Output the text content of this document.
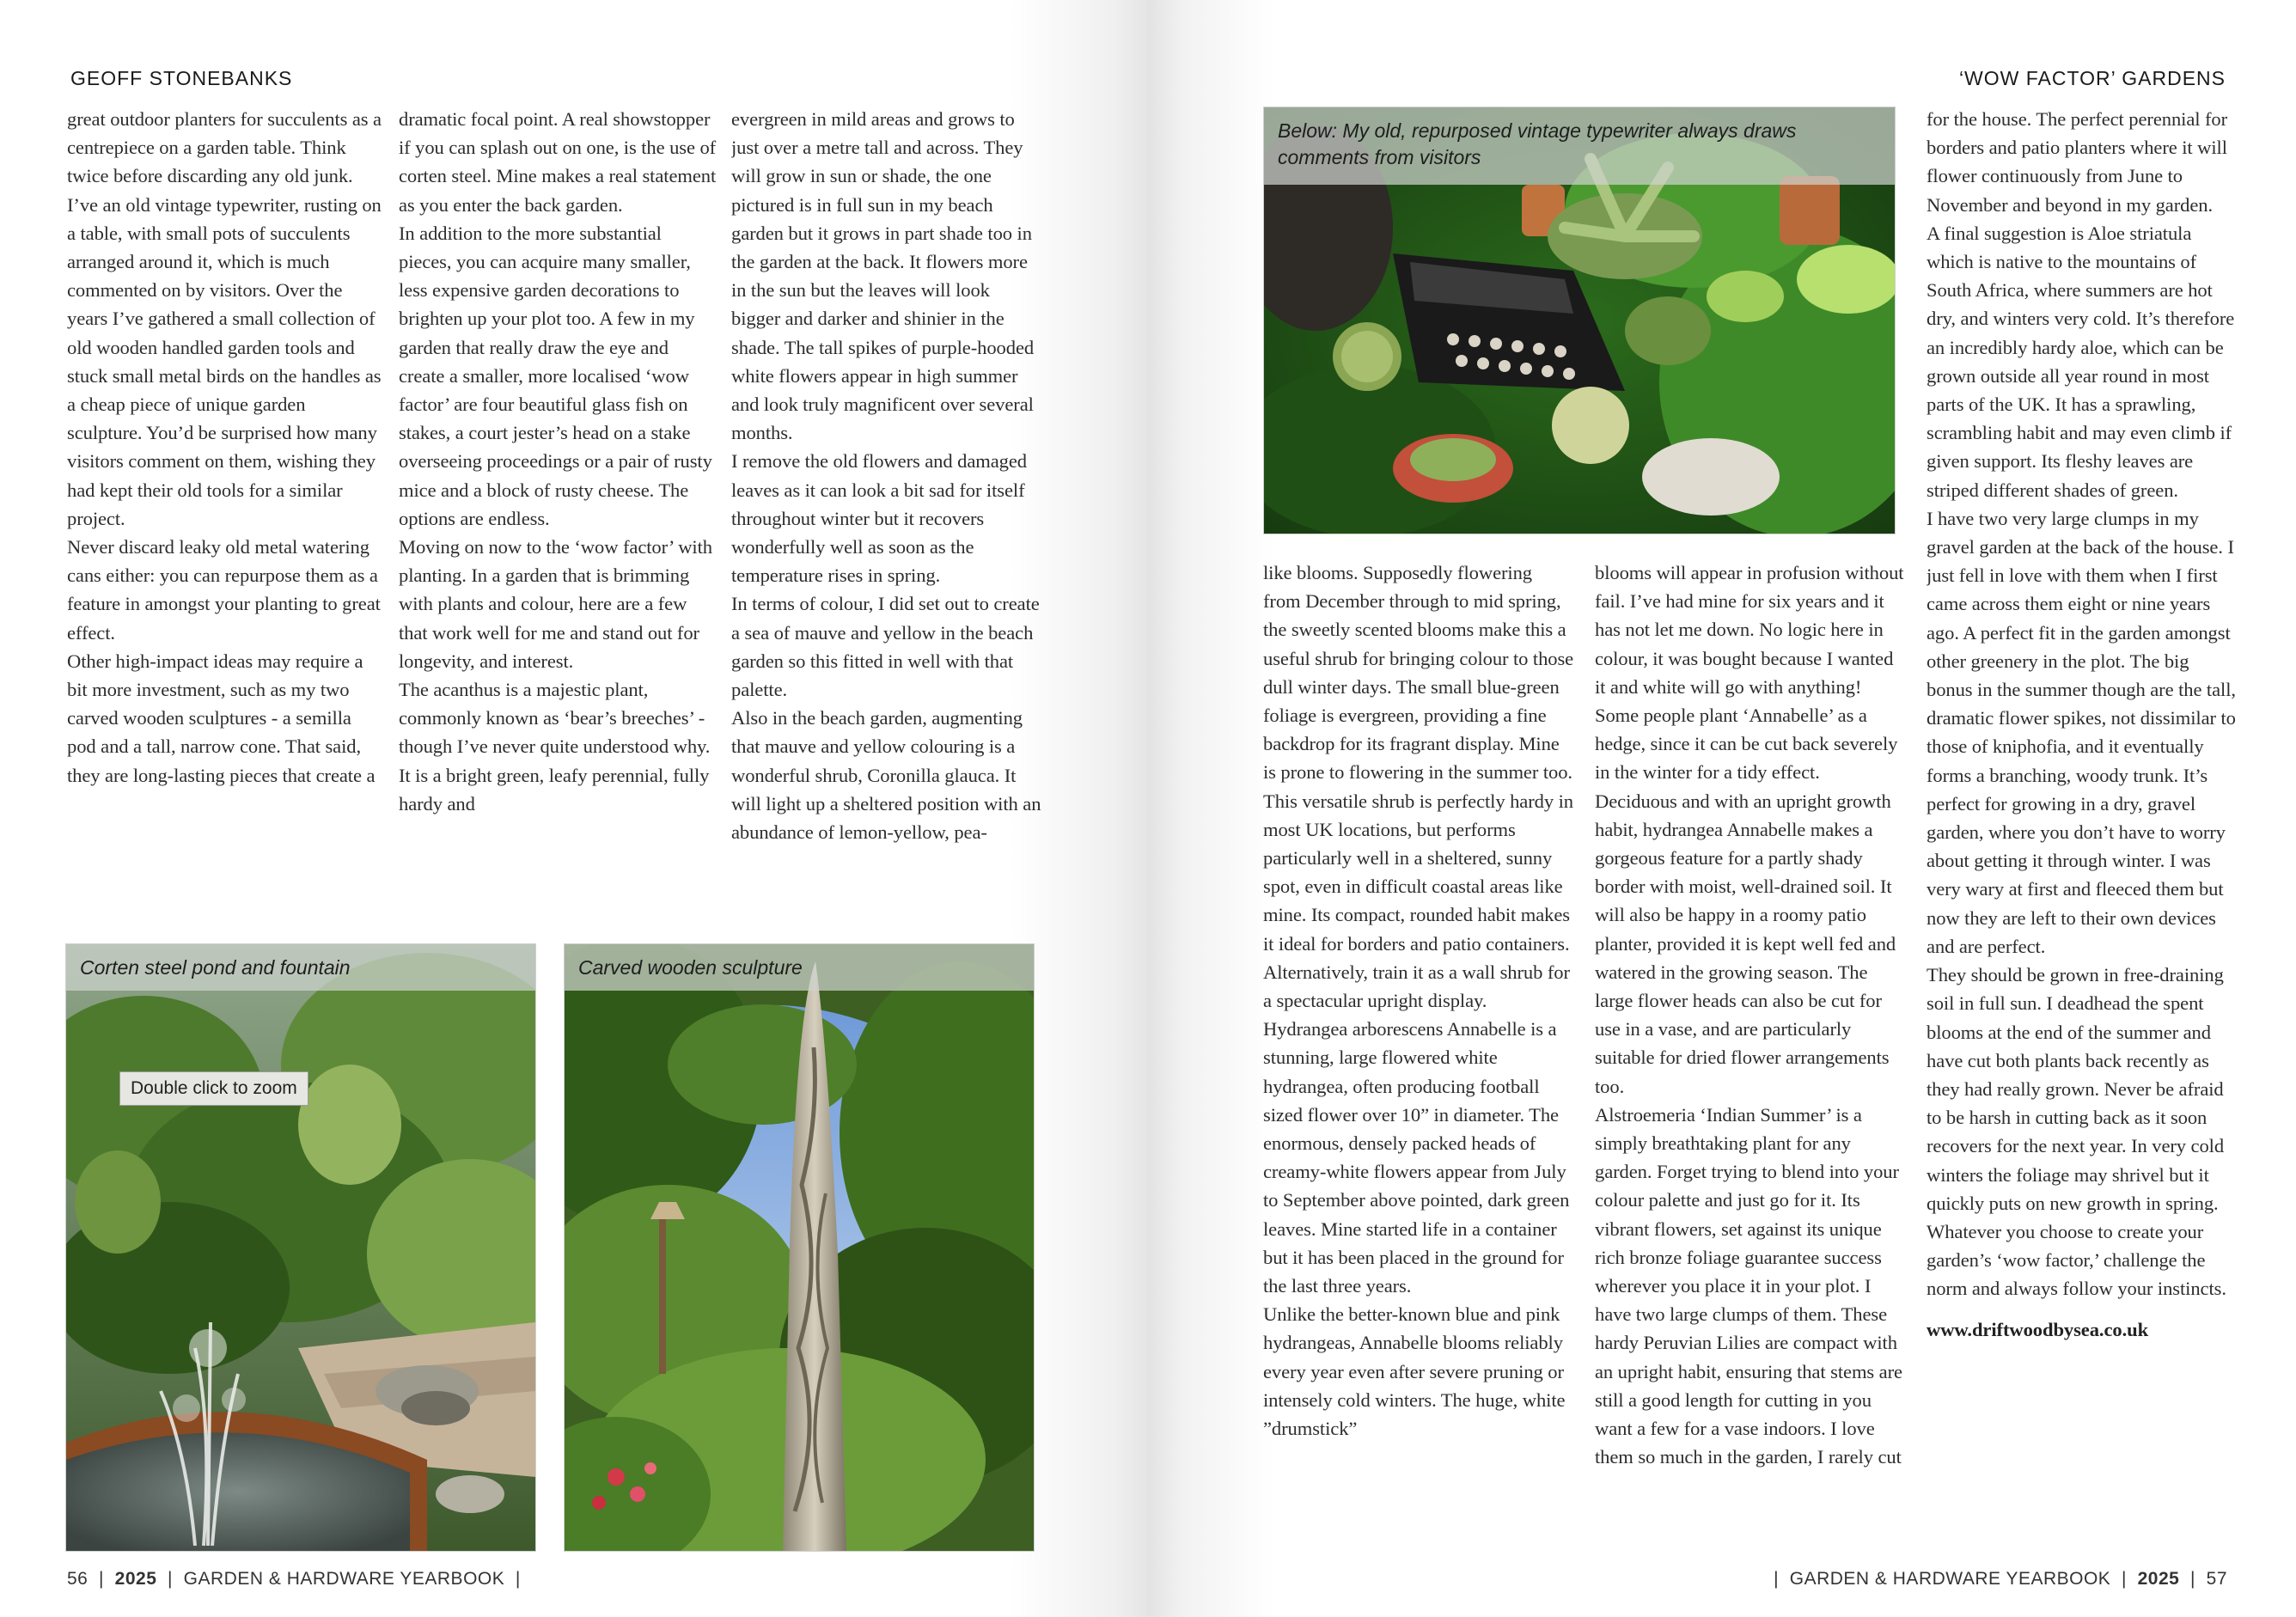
GEOFF STONEBANKS

great outdoor planters for succulents as a centrepiece on a garden table. Think twice before discarding any old junk. I’ve an old vintage typewriter, rusting on a table, with small pots of succulents arranged around it, which is much commented on by visitors. Over the years I’ve gathered a small collection of old wooden handled garden tools and stuck small metal birds on the handles as a cheap piece of unique garden sculpture. You’d be surprised how many visitors comment on them, wishing they had kept their old tools for a similar project.

Never discard leaky old metal watering cans either: you can repurpose them as a feature in amongst your planting to great effect.

Other high-impact ideas may require a bit more investment, such as my two carved wooden sculptures - a semilla pod and a tall, narrow cone. That said, they are long-lasting pieces that create a

dramatic focal point. A real showstopper if you can splash out on one, is the use of corten steel. Mine makes a real statement as you enter the back garden.

In addition to the more substantial pieces, you can acquire many smaller, less expensive garden decorations to brighten up your plot too. A few in my garden that really draw the eye and create a smaller, more localised ‘wow factor’ are four beautiful glass fish on stakes, a court jester’s head on a stake overseeing proceedings or a pair of rusty mice and a block of rusty cheese. The options are endless.

Moving on now to the ‘wow factor’ with planting. In a garden that is brimming with plants and colour, here are a few that work well for me and stand out for longevity, and interest.

The acanthus is a majestic plant, commonly known as ‘bear’s breeches’ - though I’ve never quite understood why. It is a bright green, leafy perennial, fully hardy and

evergreen in mild areas and grows to just over a metre tall and across. They will grow in sun or shade, the one pictured is in full sun in my beach garden but it grows in part shade too in the garden at the back. It flowers more in the sun but the leaves will look bigger and darker and shinier in the shade. The tall spikes of purple-hooded white flowers appear in high summer and look truly magnificent over several months.

I remove the old flowers and damaged leaves as it can look a bit sad for itself throughout winter but it recovers wonderfully well as soon as the temperature rises in spring.

In terms of colour, I did set out to create a sea of mauve and yellow in the beach garden so this fitted in well with that palette.

Also in the beach garden, augmenting that mauve and yellow colouring is a wonderful shrub, Coronilla glauca. It will light up a sheltered position with an abundance of lemon-yellow, pea-

Corten steel pond and fountain
Double click to zoom
Carved wooden sculpture
56  |  2025  |  GARDEN & HARDWARE YEARBOOK  |
‘WOW FACTOR’ GARDENS
Below: My old, repurposed vintage typewriter always draws comments from visitors

like blooms. Supposedly flowering from December through to mid spring, the sweetly scented blooms make this a useful shrub for bringing colour to those dull winter days. The small blue-green foliage is evergreen, providing a fine backdrop for its fragrant display. Mine is prone to flowering in the summer too. This versatile shrub is perfectly hardy in most UK locations, but performs particularly well in a sheltered, sunny spot, even in difficult coastal areas like mine. Its compact, rounded habit makes it ideal for borders and patio containers. Alternatively, train it as a wall shrub for a spectacular upright display.

Hydrangea arborescens Annabelle is a stunning, large flowered white hydrangea, often producing football sized flower over 10” in diameter. The enormous, densely packed heads of creamy-white flowers appear from July to September above pointed, dark green leaves. Mine started life in a container but it has been placed in the ground for the last three years.

Unlike the better-known blue and pink hydrangeas, Annabelle blooms reliably every year even after severe pruning or intensely cold winters. The huge, white ”drumstick”

blooms will appear in profusion without fail. I’ve had mine for six years and it has not let me down. No logic here in colour, it was bought because I wanted it and white will go with anything!

Some people plant ‘Annabelle’ as a hedge, since it can be cut back severely in the winter for a tidy effect. Deciduous and with an upright growth habit, hydrangea Annabelle makes a gorgeous feature for a partly shady border with moist, well-drained soil. It will also be happy in a roomy patio planter, provided it is kept well fed and watered in the growing season. The large flower heads can also be cut for use in a vase, and are particularly suitable for dried flower arrangements too.

Alstroemeria ‘Indian Summer’ is a simply breathtaking plant for any garden. Forget trying to blend into your colour palette and just go for it. Its vibrant flowers, set against its unique rich bronze foliage guarantee success wherever you place it in your plot. I have two large clumps of them. These hardy Peruvian Lilies are compact with an upright habit, ensuring that stems are still a good length for cutting in you want a few for a vase indoors. I love them so much in the garden, I rarely cut

for the house. The perfect perennial for borders and patio planters where it will flower continuously from June to November and beyond in my garden.

A final suggestion is Aloe striatula which is native to the mountains of South Africa, where summers are hot dry, and winters very cold. It’s therefore an incredibly hardy aloe, which can be grown outside all year round in most parts of the UK. It has a sprawling, scrambling habit and may even climb if given support. Its fleshy leaves are striped different shades of green.

I have two very large clumps in my gravel garden at the back of the house. I just fell in love with them when I first came across them eight or nine years ago. A perfect fit in the garden amongst other greenery in the plot. The big bonus in the summer though are the tall, dramatic flower spikes, not dissimilar to those of kniphofia, and it eventually forms a branching, woody trunk. It’s perfect for growing in a dry, gravel garden, where you don’t have to worry about getting it through winter. I was very wary at first and fleeced them but now they are left to their own devices and are perfect.

They should be grown in free-draining soil in full sun. I deadhead the spent blooms at the end of the summer and have cut both plants back recently as they had really grown. Never be afraid to be harsh in cutting back as it soon recovers for the next year. In very cold winters the foliage may shrivel but it quickly puts on new growth in spring.

Whatever you choose to create your garden’s ‘wow factor,’ challenge the norm and always follow your instincts.

www.driftwoodbysea.co.uk

|  GARDEN & HARDWARE YEARBOOK  |  2025  |  57
